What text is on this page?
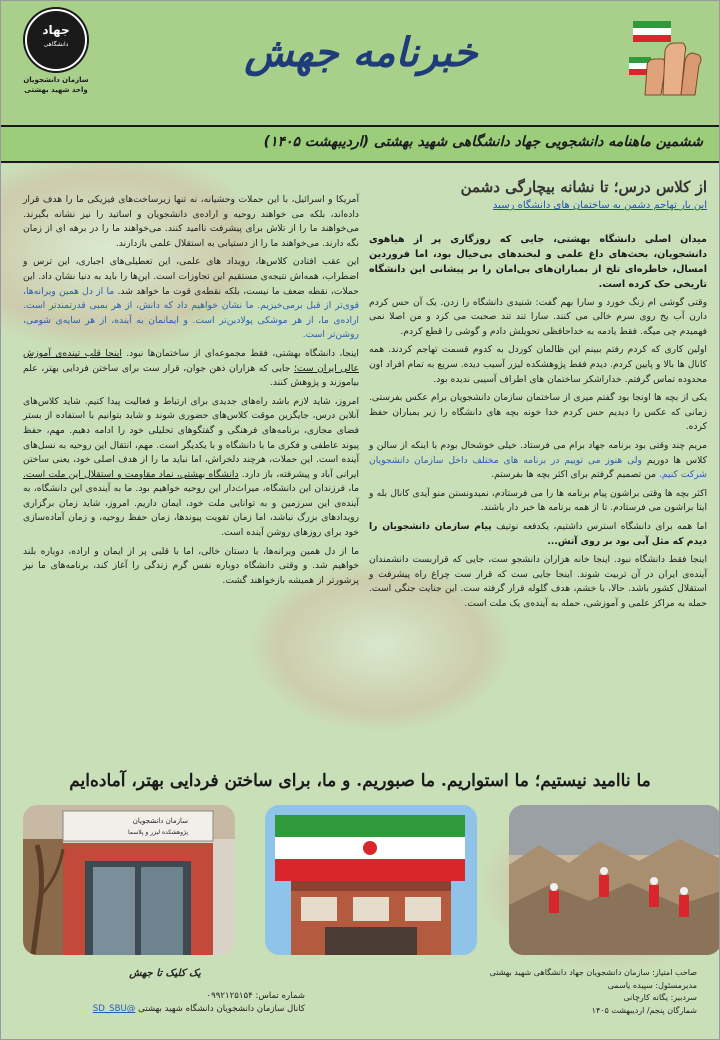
جهاد
دانشگاهی
سازمان دانشجویان
واحد شهید بهشتی
خبرنامه جهش
ششمین ماهنامه دانشجویی جهاد دانشگاهی شهید بهشتی (اردیبهشت ۱۴۰۵)
از کلاس درس؛ تا نشانه بیچارگی دشمن
این بار تهاجم دشمن به ساختمان های دانشگاه رسید

میدان اصلی دانشگاه بهشتی، جایی که روزگاری پر از هیاهوی دانشجویان، بحث‌های داغ علمی و لبخندهای بی‌خیال بود، اما فروردین امسال، خاطره‌ای تلخ از بمباران‌های بی‌امان را بر پیشانی این دانشگاه تاریخی حک کرده است.

وقتی گوشی ام زنگ خورد و سارا بهم گفت: شنیدی دانشگاه را زدن. یک آن حس کردم دارن آب یخ روی سرم خالی می کنند. سارا تند تند صحبت می کرد و من اصلا نمی فهمیدم چی میگه. فقط یادمه به خداحافظی تحویلش دادم و گوشی را قطع کردم.

اولین کاری که کردم رفتم ببینم این ظالمان کوردل به کدوم قسمت تهاجم کردند. همه کانال ها بالا و پایین کردم. دیدم فقط پژوهشکده لیزر آسیب دیده. سریع به تمام افراد اون محدوده تماس گرفتم. خداراشکر ساختمان های اطراف آسیبی ندیده بود.

یکی از بچه ها اونجا بود گفتم میری از ساختمان سازمان دانشجویان برام عکس بفرستی. زمانی که عکس را دیدیم حس کردم خدا خونه بچه های دانشگاه را زیر بمباران حفظ کرده.

مریم چند وقتی بود برنامه جهاد برام می فرستاد. خیلی خوشحال بودم با اینکه از سالن و کلاس ها دوریم ولی هنوز می توییم در برنامه های مختلف داخل سازمان دانشجویان شرکت کنیم. من تصمیم گرفتم برای اکثر بچه ها بفرستم.

اکثر بچه ها وقتی براشون پیام برنامه ها را می فرستادم، نمیدونستن منو آیدی کانال بله و ایتا براشون می فرستادم. تا از همه برنامه ها خبر دار باشند.

اما همه برای دانشگاه استرس داشتیم، یکدفعه نوتیف پیام سازمان دانشجویان را دیدم که مثل آبی بود بر روی آتش...

اینجا فقط دانشگاه نبود. اینجا خانه هزاران دانشجو ست، جایی که قراربست دانشمندان آینده‌ی ایران در آن تربیت شوند. اینجا جایی ست که قرار ست چراغ راه پیشرفت و استقلال کشور باشد. حالا، با خشم، هدف گلوله قرار گرفته ست. این جنایت جنگی است. حمله به مراکز علمی و آموزشی، حمله به آینده‌ی یک ملت است.

آمریکا و اسرائیل، با این حملات وحشیانه، نه تنها زیرساخت‌های فیزیکی ما را هدف قرار داده‌اند، بلکه می خواهند روحیه و اراده‌ی دانشجویان و اساتید را نیز نشانه بگیرند. می‌خواهند ما را از تلاش برای پیشرفت ناامید کنند. می‌خواهند ما را در برهه ای از زمان نگه دارند. می‌خواهند ما را از دستیابی به استقلال علمی بازدارند.

این عقب افتادن کلاس‌ها، رویداد های علمی، این تعطیلی‌های اجباری، این ترس و اضطراب، همه‌اش نتیجه‌ی مستقیم این تجاوزات است. این‌ها را باید به دنیا نشان داد. این حملات، نقطه ضعف ما نیست، بلکه نقطه‌ی قوت ما خواهد شد. ما از دل همین ویرانه‌ها، قوی‌تر از قبل برمی‌خیزیم. ما نشان خواهیم داد که دانش، از هر بمبی قدرتمندتر است. اراده‌ی ما، از هر موشکی پولادین‌تر است. و ایمانمان به آینده، از هر سایه‌ی شومی، روشن‌تر است.

اینجا، دانشگاه بهشتی، فقط مجموعه‌ای از ساختمان‌ها نبود. اینجا قلب تپنده‌ی آموزش عالی ایران ست؛ جایی که هزاران ذهن جوان، قرار ست برای ساختن فردایی بهتر، علم بیاموزند و پژوهش کنند.

امروز، شاید لازم باشد راه‌های جدیدی برای ارتباط و فعالیت پیدا کنیم. شاید کلاس‌های آنلاین درس، جایگزین موقت کلاس‌های حضوری شوند و شاید بتوانیم با استفاده از بستر فضای مجازی، برنامه‌های فرهنگی و گفتگوهای تحلیلی خود را ادامه دهیم. مهم، حفظ پیوند عاطفی و فکری ما با دانشگاه و با یکدیگر است. مهم، انتقال این روحیه به نسل‌های آینده است. این حملات، هرچند دلخراش، اما نباید ما را از هدف اصلی خود، یعنی ساختن ایرانی آباد و پیشرفته، باز دارد. دانشگاه بهشتی، نماد مقاومت و استقلال این ملت است. ما، فرزندان این دانشگاه، میراث‌دار این روحیه خواهیم بود. ما به آینده‌ی این دانشگاه، به آینده‌ی این سرزمین و به توانایی ملت خود، ایمان داریم. امروز، شاید زمان برگزاری رویدادهای بزرگ نباشد، اما زمان تقویت پیوندها، زمان حفظ روحیه، و زمان آماده‌سازی خود برای روزهای روشن آینده است.

ما از دل همین ویرانه‌ها، با دستان خالی، اما با قلبی پر از ایمان و اراده، دوباره بلند خواهیم شد. و وقتی دانشگاه دوباره نفس گرم زندگی را آغاز کند، برنامه‌های ما نیز پرشورتر از همیشه بازخواهند گشت.

ما ناامید نیستیم؛ ما استواریم. ما صبوریم. و ما، برای ساختن فردایی بهتر، آماده‌ایم
سازمان دانشجویان
پژوهشکده لیزر و پلاسما
صاحب امتیاز: سازمان دانشجویان جهاد دانشگاهی شهید بهشتی
مدیرمسئول: سپیده یاسمی
سردبیر: یگانه کارچانی
شمارگان پنجم/ اردیبهشت ۱۴۰۵
یک کلیک تا جهش
شماره تماس: ۰۹۹۲۱۲۵۱۵۴
کانال سازمان دانشجویان دانشگاه شهید بهشتی @SD_SBU
